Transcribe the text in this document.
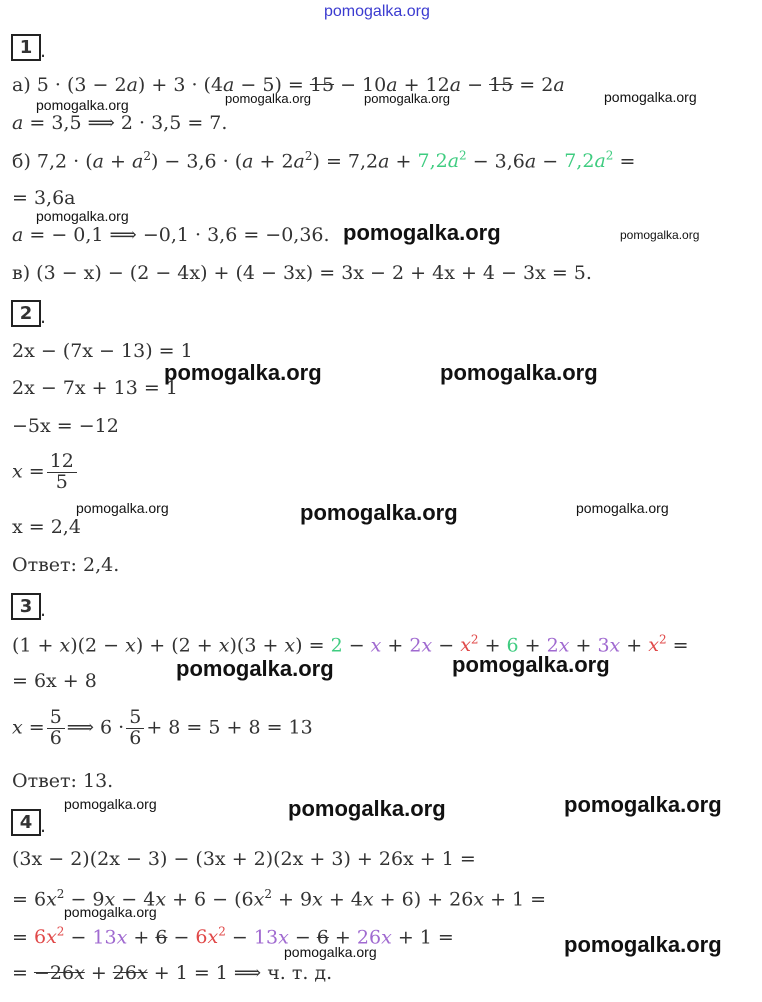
pomogalka.org
1 .
а) 5 · (3 − 2a) + 3 · (4a − 5) = 15 − 10a + 12a − 15 = 2a
a = 3,5 ⟹ 2 · 3,5 = 7.
б) $7,2 \cdot (a + a^2) - 3,6 \cdot (a + 2a^2) = 7,2a + 7,2a^2 - 3,6a - 7,2a^2$ =
= 3,6a
a = − 0,1 ⟹ −0,1 · 3,6 = −0,36.
в) (3 − x) − (2 − 4x) + (4 − 3x) = 3x − 2 + 4x + 4 − 3x = 5.
2 .
2x − (7x − 13) = 1
2x − 7x + 13 = 1
−5x = −12
$x = \frac{12}{5}$
x = 2,4
Ответ: 2,4.
3 .
$(1 + x)(2 - x) + (2 + x)(3 + x) = 2 - x + 2x - x^2 + 6 + 2x + 3x + x^2$ =
= 6x + 8
$x = \frac{5}{6}$ ⟹ $6 \cdot \frac{5}{6} + 8 = 5 + 8 = 13$
Ответ: 13.
4 .
(3x − 2)(2x − 3) − (3x + 2)(2x + 3) + 26x + 1 =
= $6x^2 - 9x - 4x + 6 - (6x^2 + 9x + 4x + 6) + 26x + 1$ =
= $6x^2 - 13x + 6 - 6x^2 - 13x - 6 + 26x + 1$ =
= −26x + 26x + 1 = 1 ⟹ ч. т. д.
pomogalka.org	pomogalka.org	pomogalka.org	pomogalka.org
pomogalka.org
pomogalka.org	pomogalka.org
pomogalka.org	pomogalka.org
pomogalka.org	pomogalka.org	pomogalka.org
pomogalka.org	pomogalka.org
pomogalka.org	pomogalka.org	pomogalka.org
pomogalka.org
pomogalka.org
pomogalka.org
